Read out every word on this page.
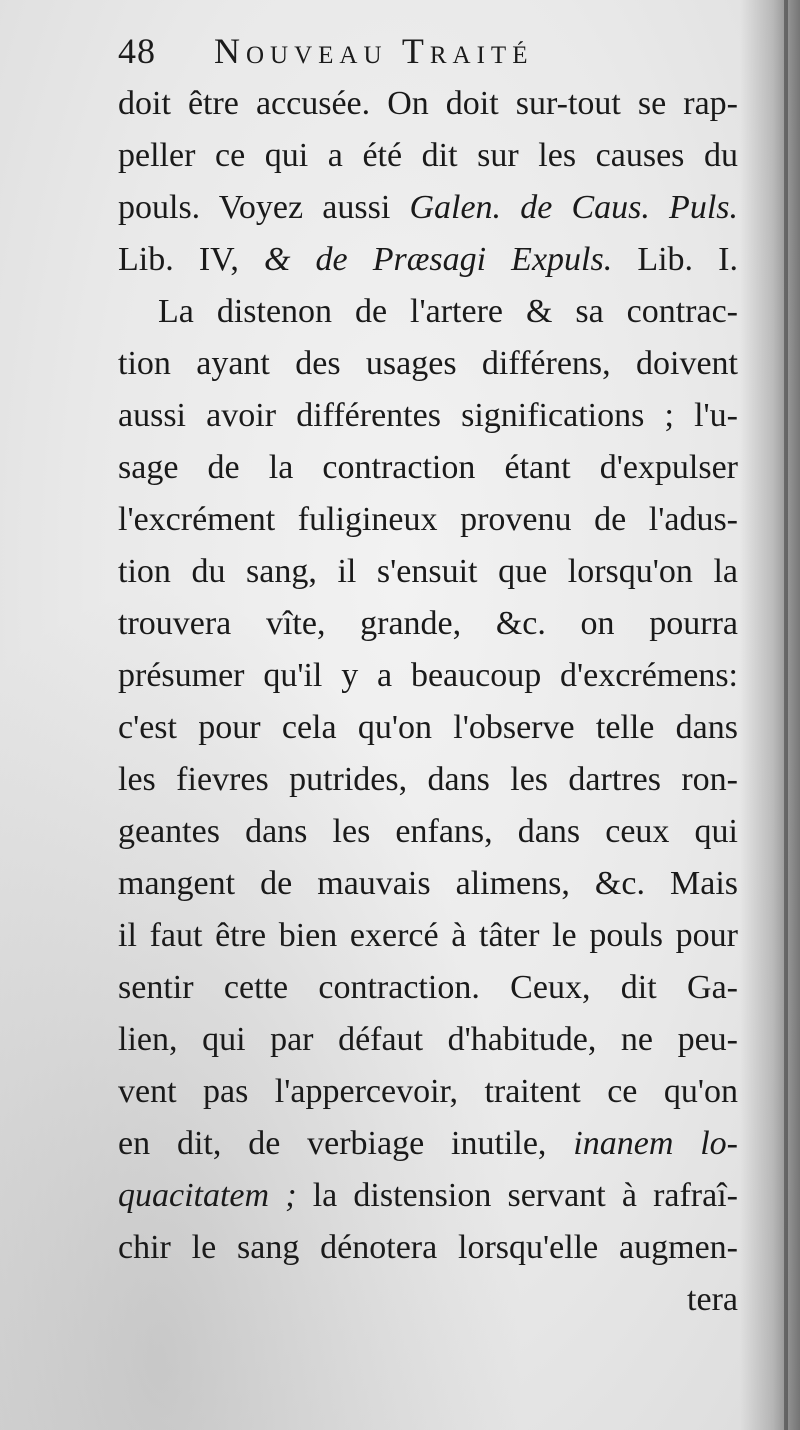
48 Nouveau Traité
doit être accusée. On doit sur-tout se rap-
peller ce qui a été dit sur les causes du
pouls. Voyez aussi Galen. de Caus. Puls.
Lib. IV, & de Præsagi Expuls. Lib. I.
La distenon de l'artere & sa contrac-
tion ayant des usages différens, doivent
aussi avoir différentes significations ; l'u-
sage de la contraction étant d'expulser
l'excrément fuligineux provenu de l'adus-
tion du sang, il s'ensuit que lorsqu'on la
trouvera vîte, grande, &c. on pourra
présumer qu'il y a beaucoup d'excrémens:
c'est pour cela qu'on l'observe telle dans
les fievres putrides, dans les dartres ron-
geantes dans les enfans, dans ceux qui
mangent de mauvais alimens, &c. Mais
il faut être bien exercé à tâter le pouls pour
sentir cette contraction. Ceux, dit Ga-
lien, qui par défaut d'habitude, ne peu-
vent pas l'appercevoir, traitent ce qu'on
en dit, de verbiage inutile, inanem lo-
quacitatem ; la distension servant à rafraî-
chir le sang dénotera lorsqu'elle augmen-
tera
